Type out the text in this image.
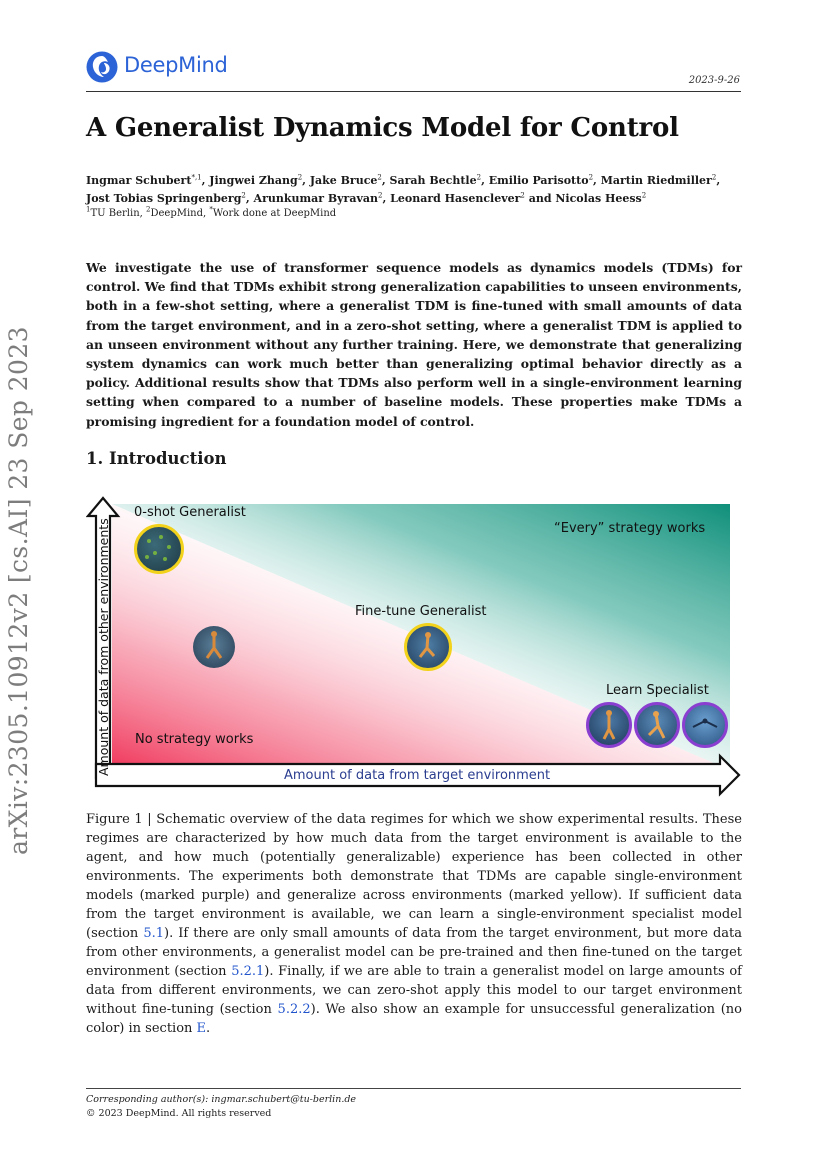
DeepMind
2023-9-26
A Generalist Dynamics Model for Control
Ingmar Schubert$^{*,1}$, Jingwei Zhang$^2$, Jake Bruce$^2$, Sarah Bechtle$^2$, Emilio Parisotto$^2$, Martin Riedmiller$^2$, Jost Tobias Springenberg$^2$, Arunkumar Byravan$^2$, Leonard Hasenclever$^2$ and Nicolas Heess$^2$
$^1$TU Berlin, $^2$DeepMind, *Work done at DeepMind
We investigate the use of transformer sequence models as dynamics models (TDMs) for control. We find that TDMs exhibit strong generalization capabilities to unseen environments, both in a few-shot setting, where a generalist TDM is fine-tuned with small amounts of data from the target environment, and in a zero-shot setting, where a generalist TDM is applied to an unseen environment without any further training. Here, we demonstrate that generalizing system dynamics can work much better than generalizing optimal behavior directly as a policy. Additional results show that TDMs also perform well in a single-environment learning setting when compared to a number of baseline models. These properties make TDMs a promising ingredient for a foundation model of control.
1. Introduction
arXiv:2305.10912v2 [cs.AI] 23 Sep 2023	Amount of data from other environments	Amount of data from target environment
0-shot Generalist
“Every” strategy works
Fine-tune Generalist
Learn Specialist
No strategy works
Figure 1 | Schematic overview of the data regimes for which we show experimental results. These regimes are characterized by how much data from the target environment is available to the agent, and how much (potentially generalizable) experience has been collected in other environments. The experiments both demonstrate that TDMs are capable single-environment models (marked purple) and generalize across environments (marked yellow). If sufficient data from the target environment is available, we can learn a single-environment specialist model (section 5.1). If there are only small amounts of data from the target environment, but more data from other environments, a generalist model can be pre-trained and then fine-tuned on the target environment (section 5.2.1). Finally, if we are able to train a generalist model on large amounts of data from different environments, we can zero-shot apply this model to our target environment without fine-tuning (section 5.2.2). We also show an example for unsuccessful generalization (no color) in section E.
Corresponding author(s): ingmar.schubert@tu-berlin.de
© 2023 DeepMind. All rights reserved
